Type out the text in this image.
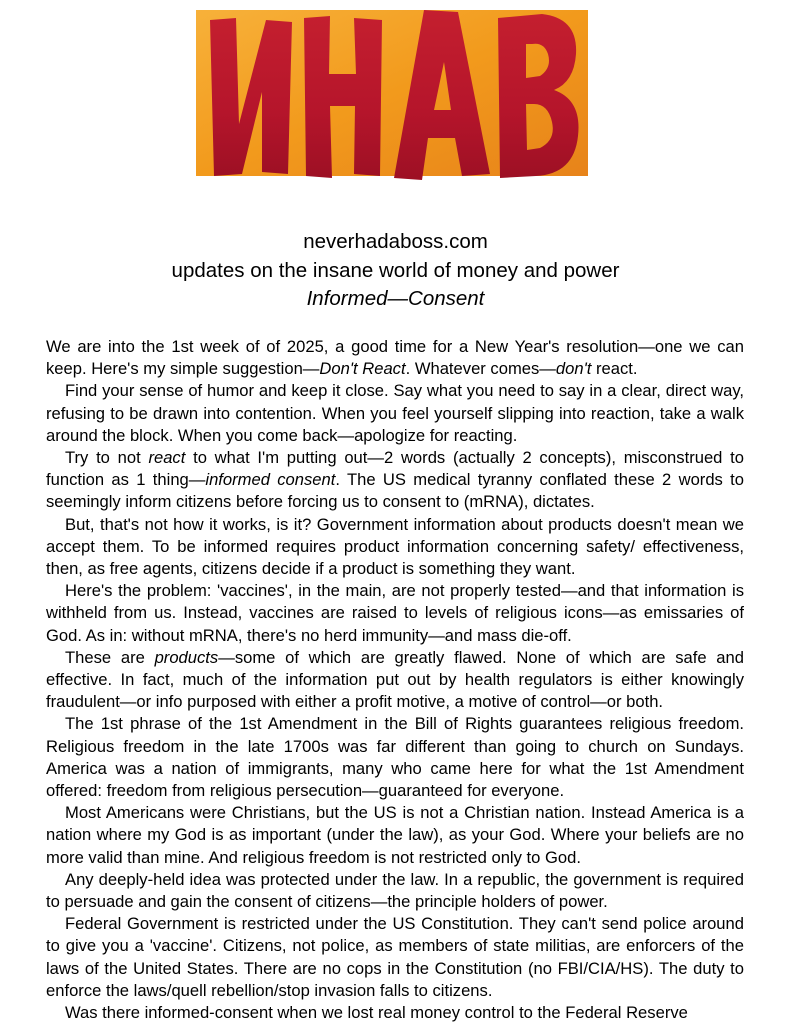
neverhadaboss.com
updates on the insane world of money and power
Informed—Consent

We are into the 1st week of of 2025, a good time for a New Year's resolution—one we can keep. Here's my simple suggestion—Don't React. Whatever comes—don't react.

Find your sense of humor and keep it close. Say what you need to say in a clear, direct way, refusing to be drawn into contention. When you feel yourself slipping into reaction, take a walk around the block. When you come back—apologize for reacting.

Try to not react to what I'm putting out—2 words (actually 2 concepts), misconstrued to function as 1 thing—informed consent. The US medical tyranny conflated these 2 words to seemingly inform citizens before forcing us to consent to (mRNA), dictates.

But, that's not how it works, is it? Government information about products doesn't mean we accept them. To be informed requires product information concerning safety/ effectiveness, then, as free agents, citizens decide if a product is something they want.

Here's the problem: 'vaccines', in the main, are not properly tested—and that information is withheld from us. Instead, vaccines are raised to levels of religious icons—as emissaries of God. As in: without mRNA, there's no herd immunity—and mass die-off.

These are products—some of which are greatly flawed. None of which are safe and effective. In fact, much of the information put out by health regulators is either knowingly fraudulent—or info purposed with either a profit motive, a motive of control—or both.

The 1st phrase of the 1st Amendment in the Bill of Rights guarantees religious freedom. Religious freedom in the late 1700s was far different than going to church on Sundays. America was a nation of immigrants, many who came here for what the 1st Amendment offered: freedom from religious persecution—guaranteed for everyone.

Most Americans were Christians, but the US is not a Christian nation. Instead America is a nation where my God is as important (under the law), as your God. Where your beliefs are no more valid than mine. And religious freedom is not restricted only to God.

Any deeply-held idea was protected under the law. In a republic, the government is required to persuade and gain the consent of citizens—the principle holders of power.

Federal Government is restricted under the US Constitution. They can't send police around to give you a 'vaccine'. Citizens, not police, as members of state militias, are enforcers of the laws of the United States. There are no cops in the Constitution (no FBI/CIA/HS). The duty to enforce the laws/quell rebellion/stop invasion falls to citizens.

Was there informed-consent when we lost real money control to the Federal Reserve
